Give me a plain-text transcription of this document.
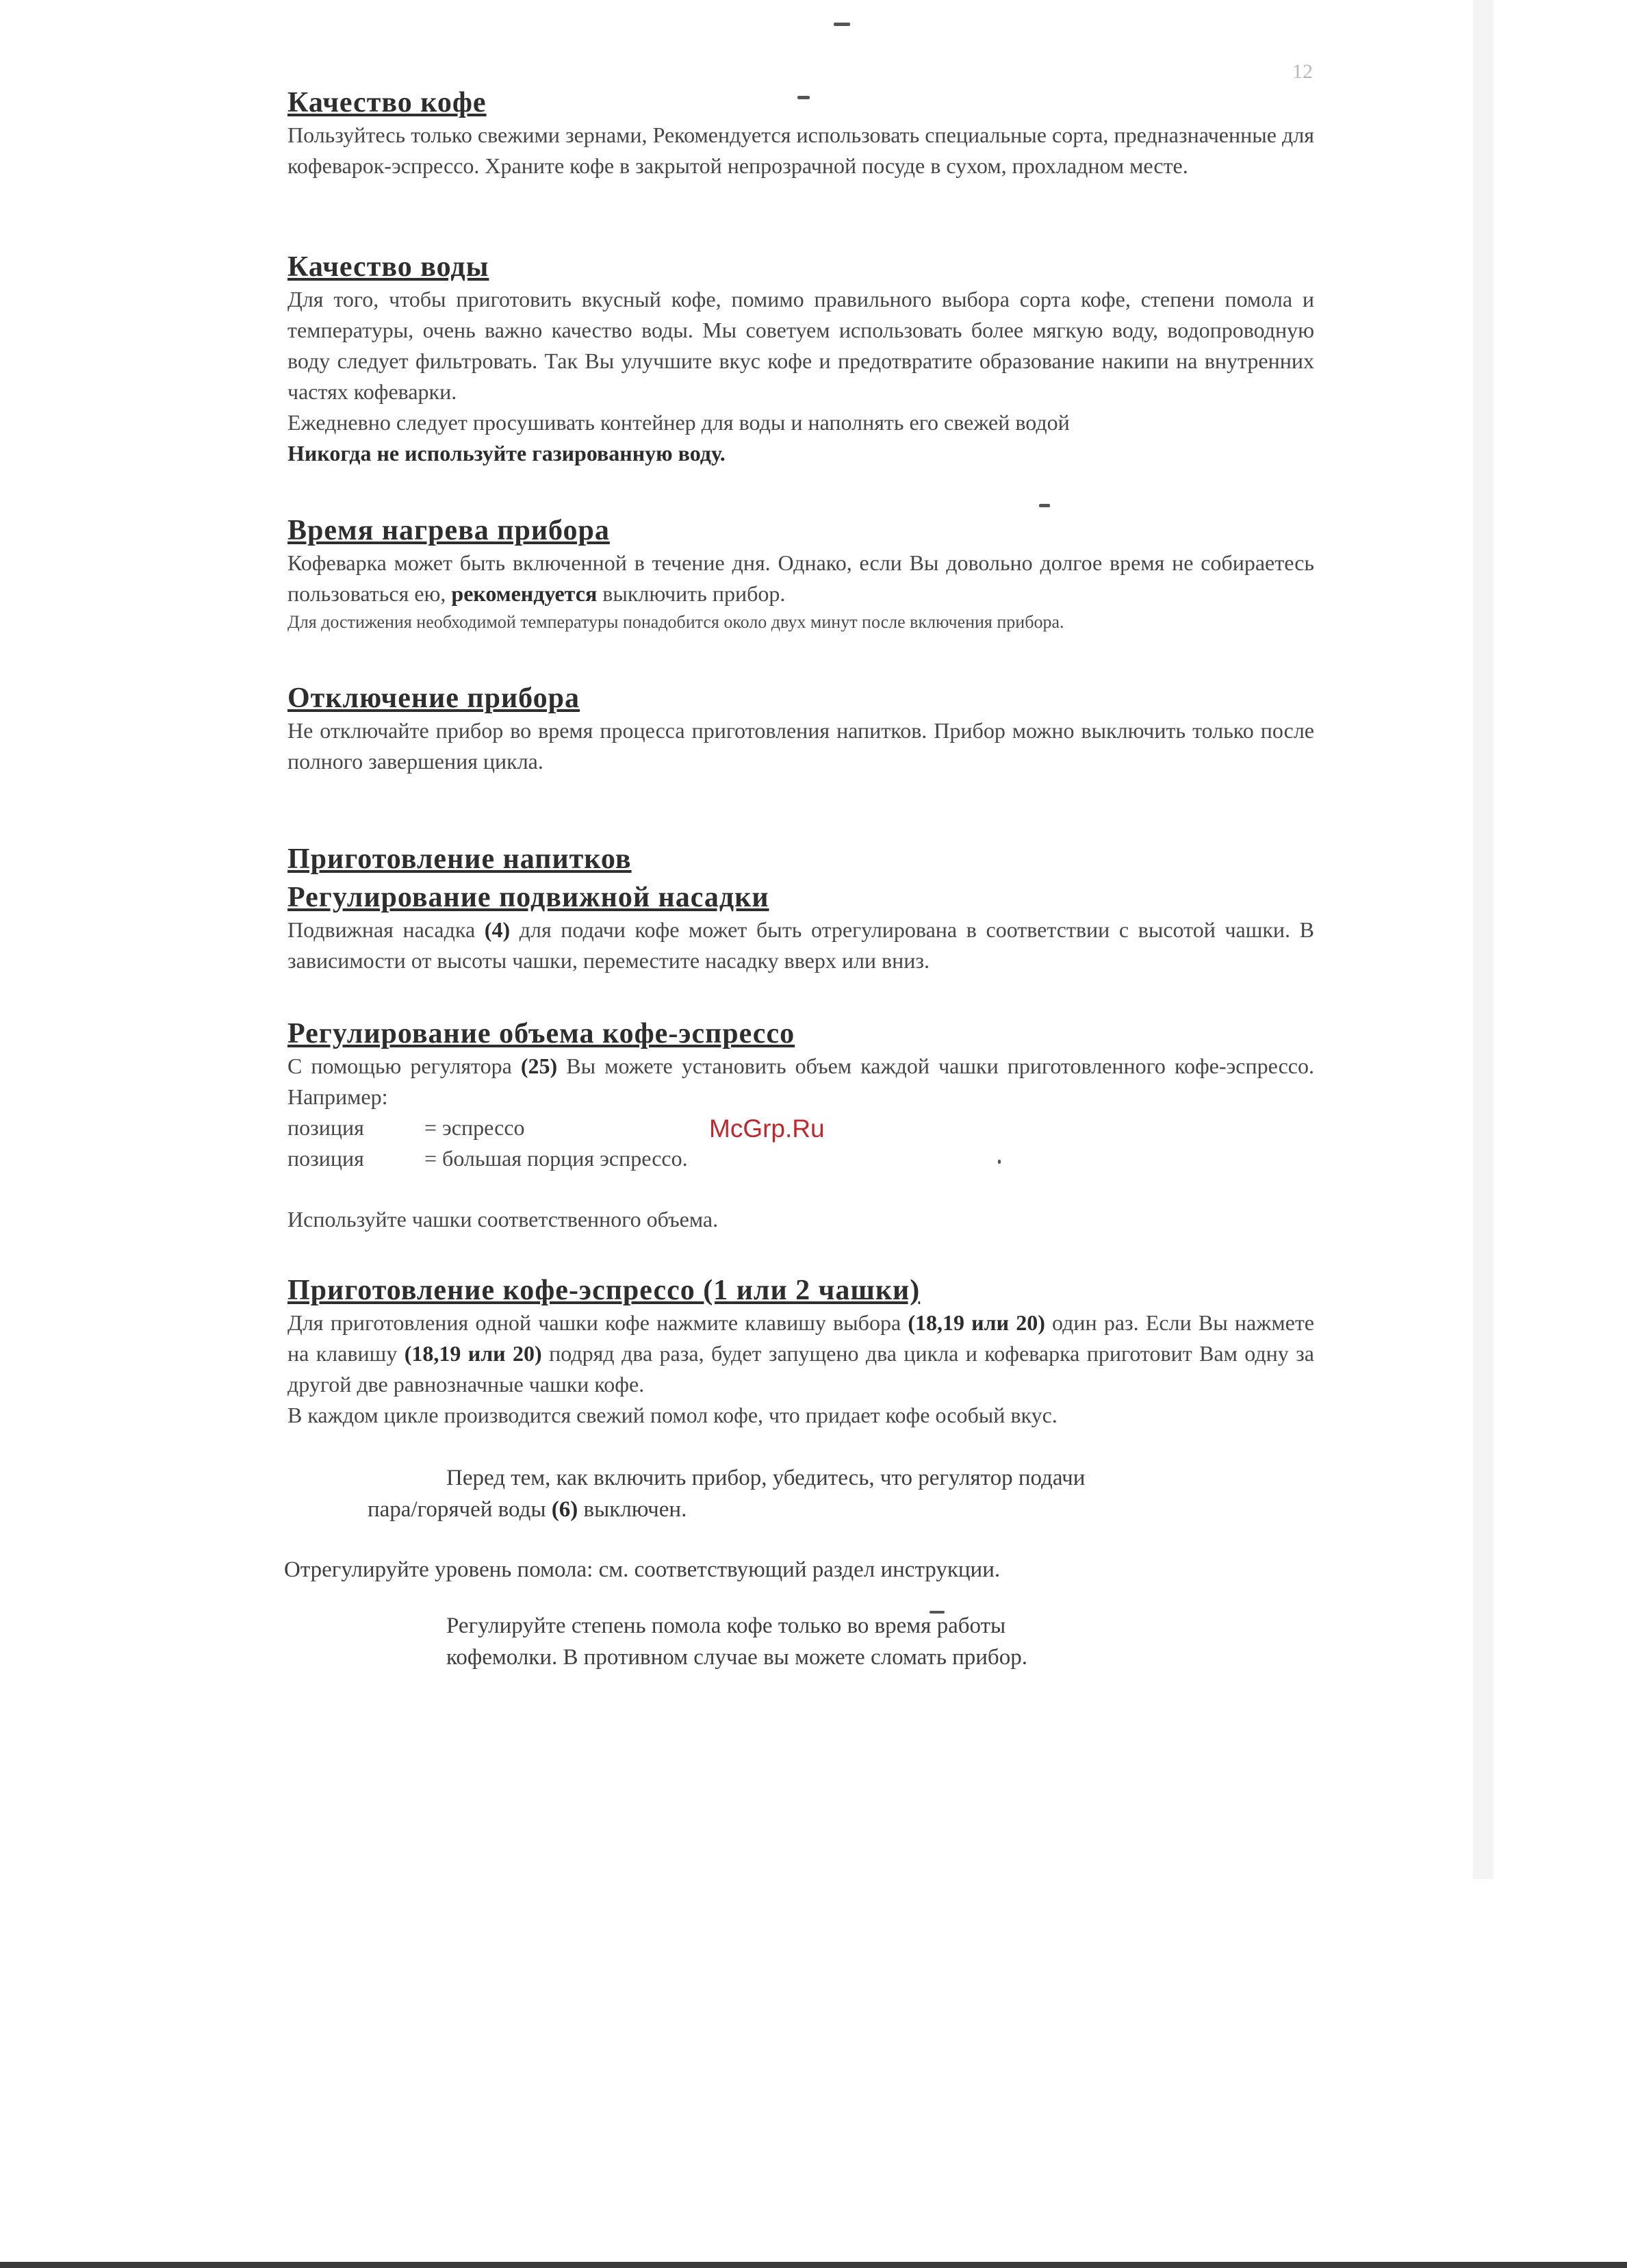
12
McGrp.Ru
Качество кофе
Пользуйтесь только свежими зернами, Рекомендуется использовать специальные сорта, предназначенные для кофеварок-эспрессо. Храните кофе в закрытой непрозрачной посуде в сухом, прохладном месте.
Качество воды
Для того, чтобы приготовить вкусный кофе, помимо правильного выбора сорта кофе, степени помола и температуры, очень важно качество воды. Мы советуем использовать более мягкую воду, водопроводную воду следует фильтровать. Так Вы улучшите вкус кофе и предотвратите образование накипи на внутренних частях кофеварки.
Ежедневно следует просушивать контейнер для воды и наполнять его свежей водой
Никогда не используйте газированную воду.
Время нагрева прибора
Кофеварка может быть включенной в течение дня. Однако, если Вы довольно долгое время не собираетесь пользоваться ею, рекомендуется выключить прибор.
Для достижения необходимой температуры понадобится около двух минут после включения прибора.
Отключение прибора
Не отключайте прибор во время процесса приготовления напитков. Прибор можно выключить только после полного завершения цикла.
Приготовление напитков
Регулирование подвижной насадки
Подвижная насадка (4) для подачи кофе может быть отрегулирована в соответствии с высотой чашки. В зависимости от высоты чашки, переместите насадку вверх или вниз.
Регулирование объема кофе-эспрессо
С помощью регулятора (25) Вы можете установить объем каждой чашки приготовленного кофе-эспрессо. Например:
позиция	= эспрессо
позиция	= большая порция эспрессо.
Используйте чашки соответственного объема.
Приготовление кофе-эспрессо (1 или 2 чашки)
Для приготовления одной чашки кофе нажмите клавишу выбора (18,19 или 20) один раз. Если Вы нажмете на клавишу (18,19 или 20) подряд два раза, будет запущено два цикла и кофеварка приготовит Вам одну за другой две равнозначные чашки кофе.
В каждом цикле производится свежий помол кофе, что придает кофе особый вкус.
Перед тем, как включить прибор, убедитесь, что регулятор подачи
пара/горячей воды (6) выключен.
Отрегулируйте уровень помола: см. соответствующий раздел инструкции.
Регулируйте степень помола кофе только во время работы
кофемолки. В противном случае вы можете сломать прибор.
